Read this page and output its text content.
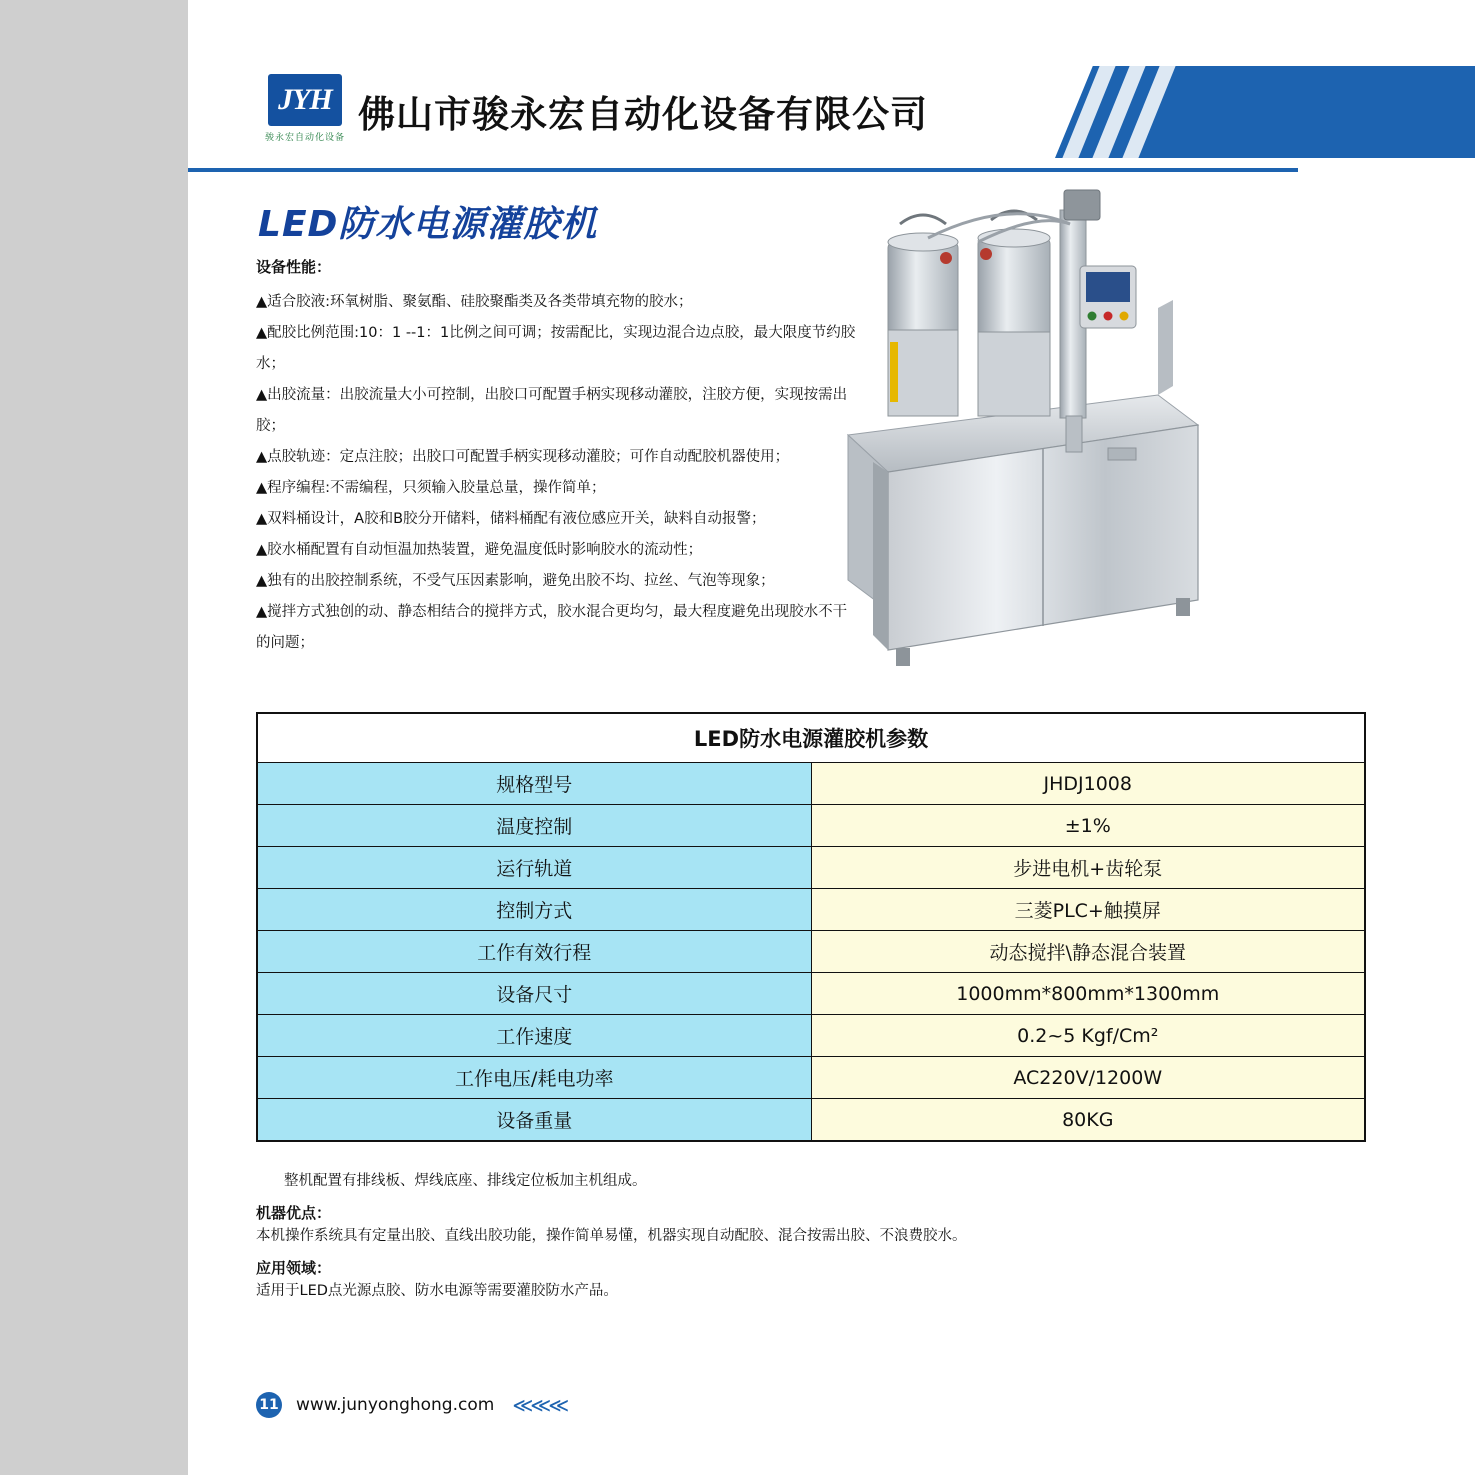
JYH
骏永宏自动化设备
佛山市骏永宏自动化设备有限公司
LED防水电源灌胶机
设备性能：
▲适合胶液:环氧树脂、聚氨酯、硅胶聚酯类及各类带填充物的胶水；
▲配胶比例范围:10：1 --1：1比例之间可调；按需配比，实现边混合边点胶，最大限度节约胶水；
▲出胶流量：出胶流量大小可控制，出胶口可配置手柄实现移动灌胶，注胶方便，实现按需出胶；
▲点胶轨迹：定点注胶；出胶口可配置手柄实现移动灌胶；可作自动配胶机器使用；
▲程序编程:不需编程，只须输入胶量总量，操作简单；
▲双料桶设计，A胶和B胶分开储料，储料桶配有液位感应开关，缺料自动报警；
▲胶水桶配置有自动恒温加热装置，避免温度低时影响胶水的流动性；
▲独有的出胶控制系统，不受气压因素影响，避免出胶不均、拉丝、气泡等现象；
▲搅拌方式独创的动、静态相结合的搅拌方式，胶水混合更均匀，最大程度避免出现胶水不干的问题；
LED防水电源灌胶机参数	
规格型号	JHDJ1008
温度控制	±1%
运行轨道	步进电机+齿轮泵
控制方式	三菱PLC+触摸屏
工作有效行程	动态搅拌\静态混合装置
设备尺寸	1000mm*800mm*1300mm
工作速度	0.2~5 Kgf/Cm²
工作电压/耗电功率	AC220V/1200W
设备重量	80KG
整机配置有排线板、焊线底座、排线定位板加主机组成。
机器优点：
本机操作系统具有定量出胶、直线出胶功能，操作简单易懂，机器实现自动配胶、混合按需出胶、不浪费胶水。
应用领域：
适用于LED点光源点胶、防水电源等需要灌胶防水产品。
11 www.junyonghong.com ≪≪≪
